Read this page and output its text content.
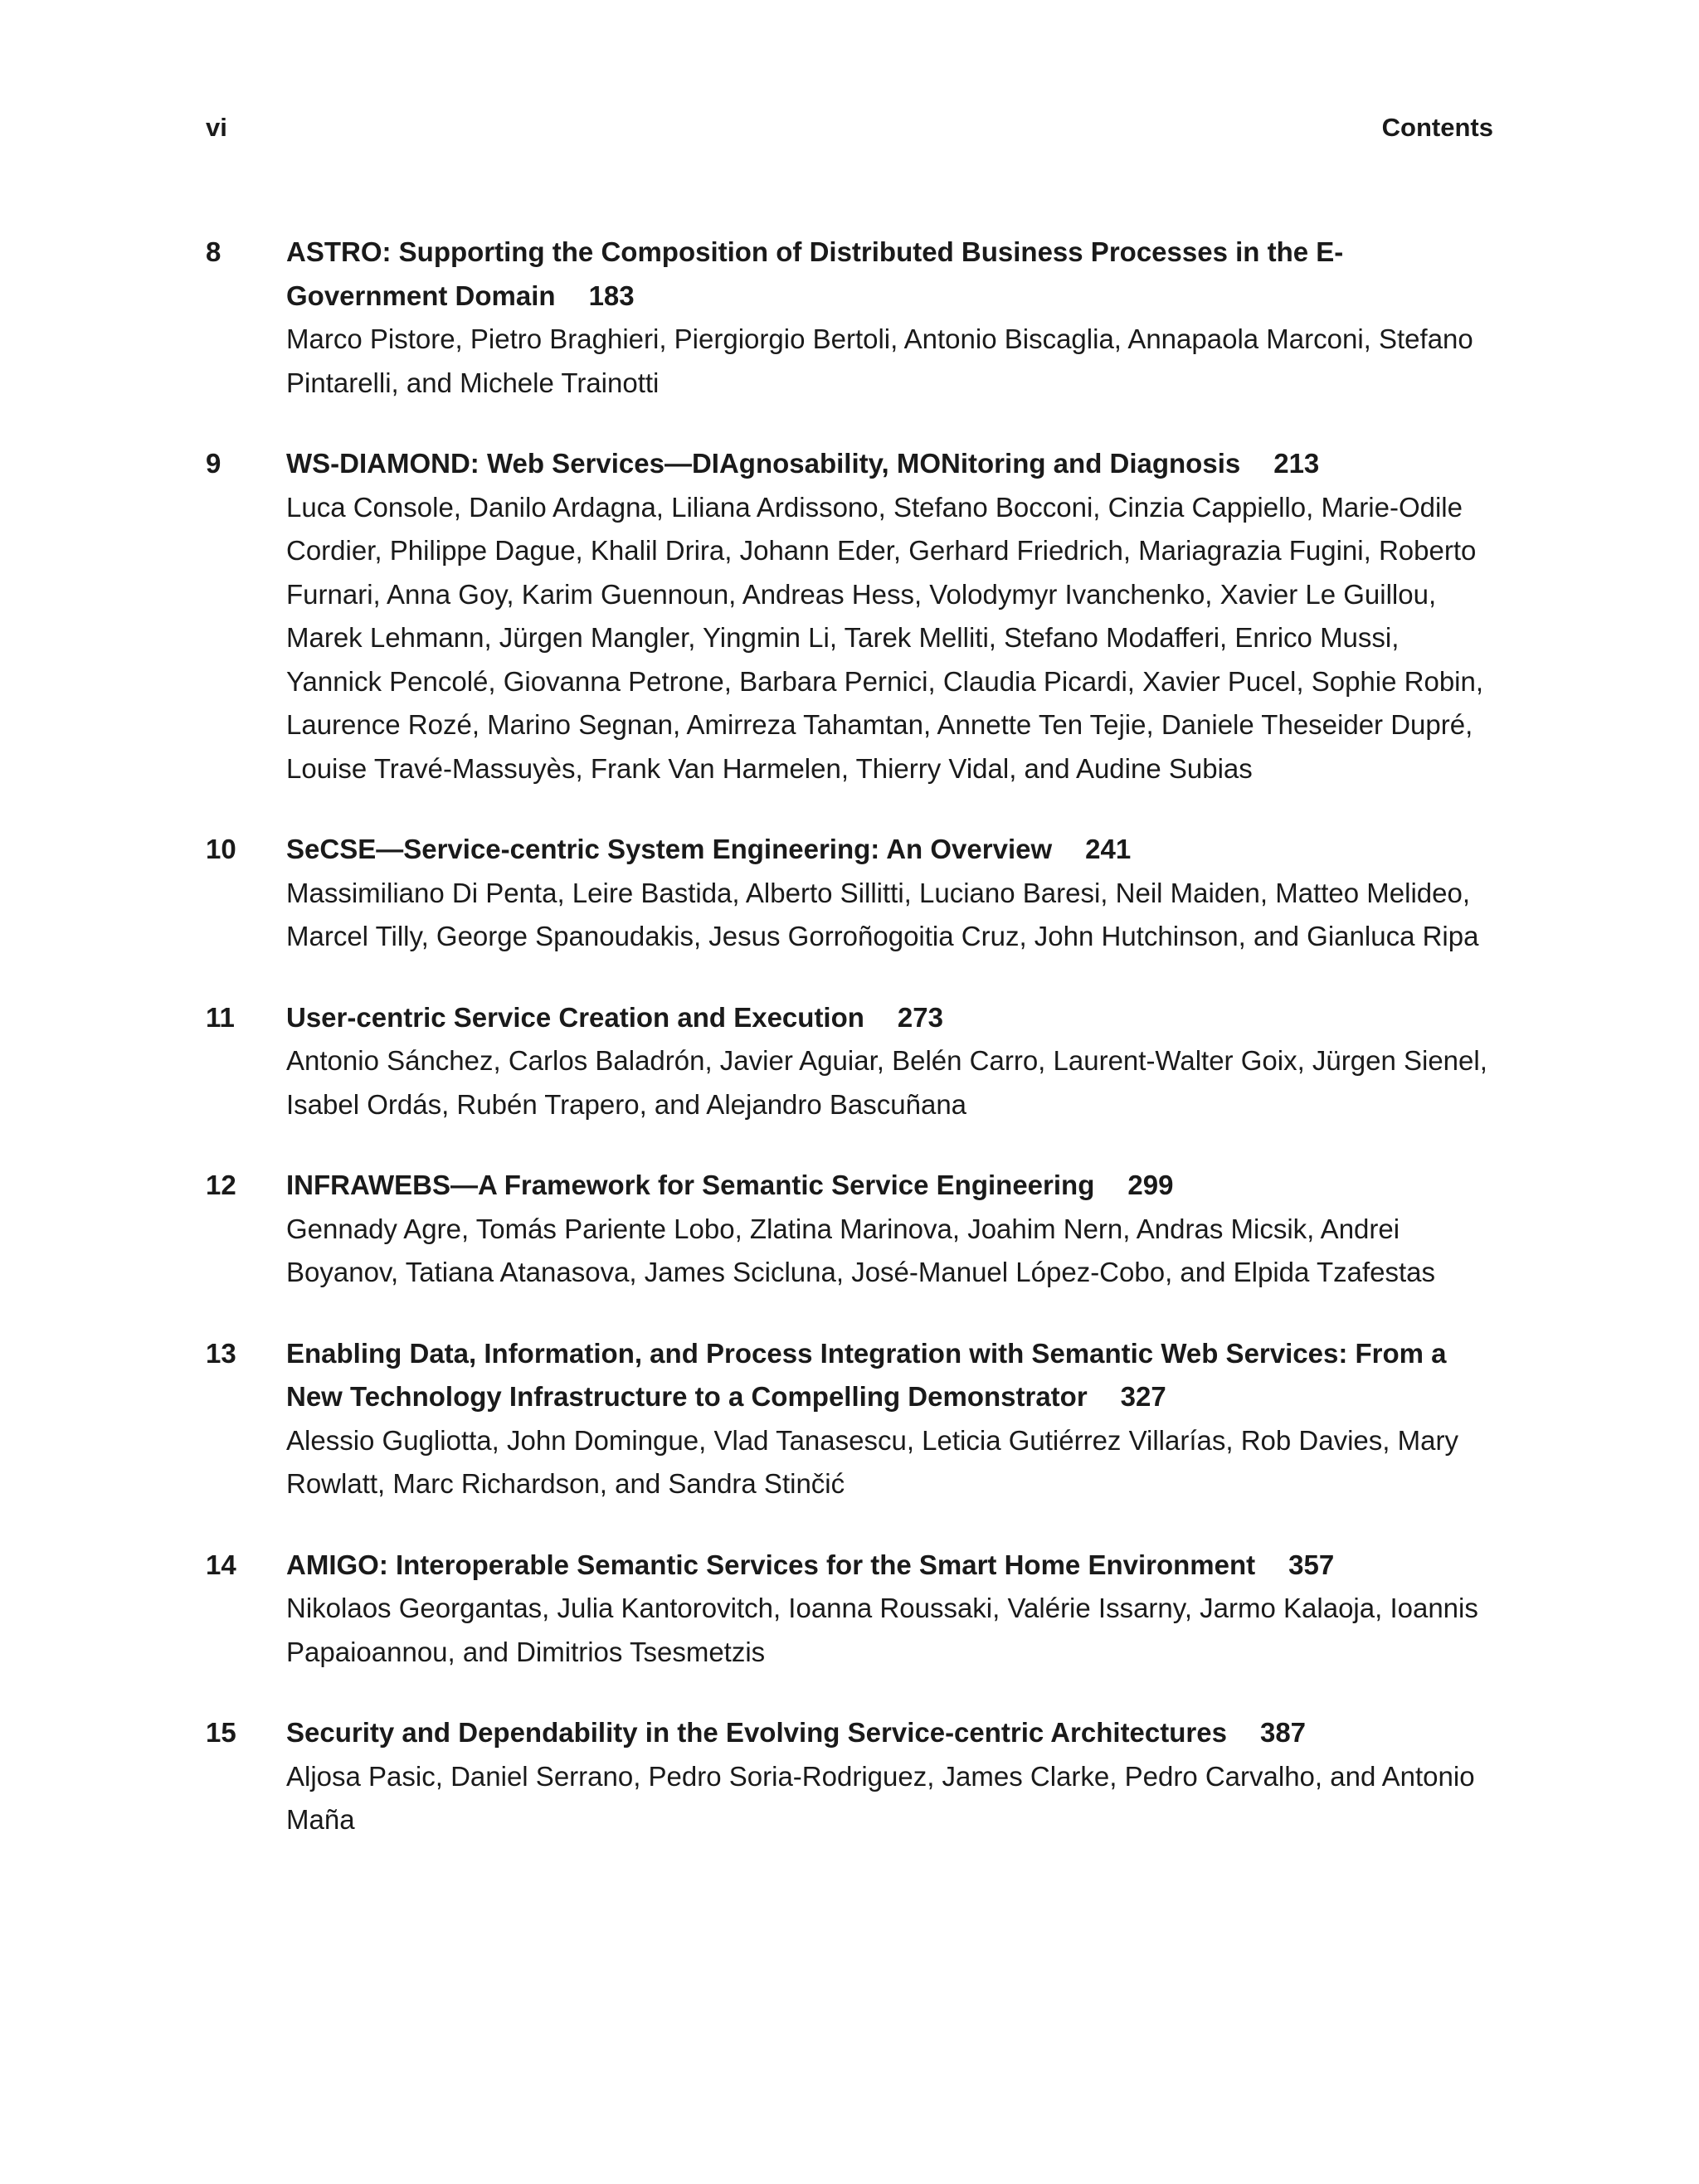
vi	Contents
8	ASTRO: Supporting the Composition of Distributed Business Processes in the E-Government Domain 183
Marco Pistore, Pietro Braghieri, Piergiorgio Bertoli, Antonio Biscaglia, Annapaola Marconi, Stefano Pintarelli, and Michele Trainotti
9	WS-DIAMOND: Web Services—DIAgnosability, MONitoring and Diagnosis 213
Luca Console, Danilo Ardagna, Liliana Ardissono, Stefano Bocconi, Cinzia Cappiello, Marie-Odile Cordier, Philippe Dague, Khalil Drira, Johann Eder, Gerhard Friedrich, Mariagrazia Fugini, Roberto Furnari, Anna Goy, Karim Guennoun, Andreas Hess, Volodymyr Ivanchenko, Xavier Le Guillou, Marek Lehmann, Jürgen Mangler, Yingmin Li, Tarek Melliti, Stefano Modafferi, Enrico Mussi, Yannick Pencolé, Giovanna Petrone, Barbara Pernici, Claudia Picardi, Xavier Pucel, Sophie Robin, Laurence Rozé, Marino Segnan, Amirreza Tahamtan, Annette Ten Tejie, Daniele Theseider Dupré, Louise Travé-Massuyès, Frank Van Harmelen, Thierry Vidal, and Audine Subias
10	SeCSE—Service-centric System Engineering: An Overview 241
Massimiliano Di Penta, Leire Bastida, Alberto Sillitti, Luciano Baresi, Neil Maiden, Matteo Melideo, Marcel Tilly, George Spanoudakis, Jesus Gorroñogoitia Cruz, John Hutchinson, and Gianluca Ripa
11	User-centric Service Creation and Execution 273
Antonio Sánchez, Carlos Baladrón, Javier Aguiar, Belén Carro, Laurent-Walter Goix, Jürgen Sienel, Isabel Ordás, Rubén Trapero, and Alejandro Bascuñana
12	INFRAWEBS—A Framework for Semantic Service Engineering 299
Gennady Agre, Tomás Pariente Lobo, Zlatina Marinova, Joahim Nern, Andras Micsik, Andrei Boyanov, Tatiana Atanasova, James Scicluna, José-Manuel López-Cobo, and Elpida Tzafestas
13	Enabling Data, Information, and Process Integration with Semantic Web Services: From a New Technology Infrastructure to a Compelling Demonstrator 327
Alessio Gugliotta, John Domingue, Vlad Tanasescu, Leticia Gutiérrez Villarías, Rob Davies, Mary Rowlatt, Marc Richardson, and Sandra Stinčić
14	AMIGO: Interoperable Semantic Services for the Smart Home Environment 357
Nikolaos Georgantas, Julia Kantorovitch, Ioanna Roussaki, Valérie Issarny, Jarmo Kalaoja, Ioannis Papaioannou, and Dimitrios Tsesmetzis
15	Security and Dependability in the Evolving Service-centric Architectures 387
Aljosa Pasic, Daniel Serrano, Pedro Soria-Rodriguez, James Clarke, Pedro Carvalho, and Antonio Maña
